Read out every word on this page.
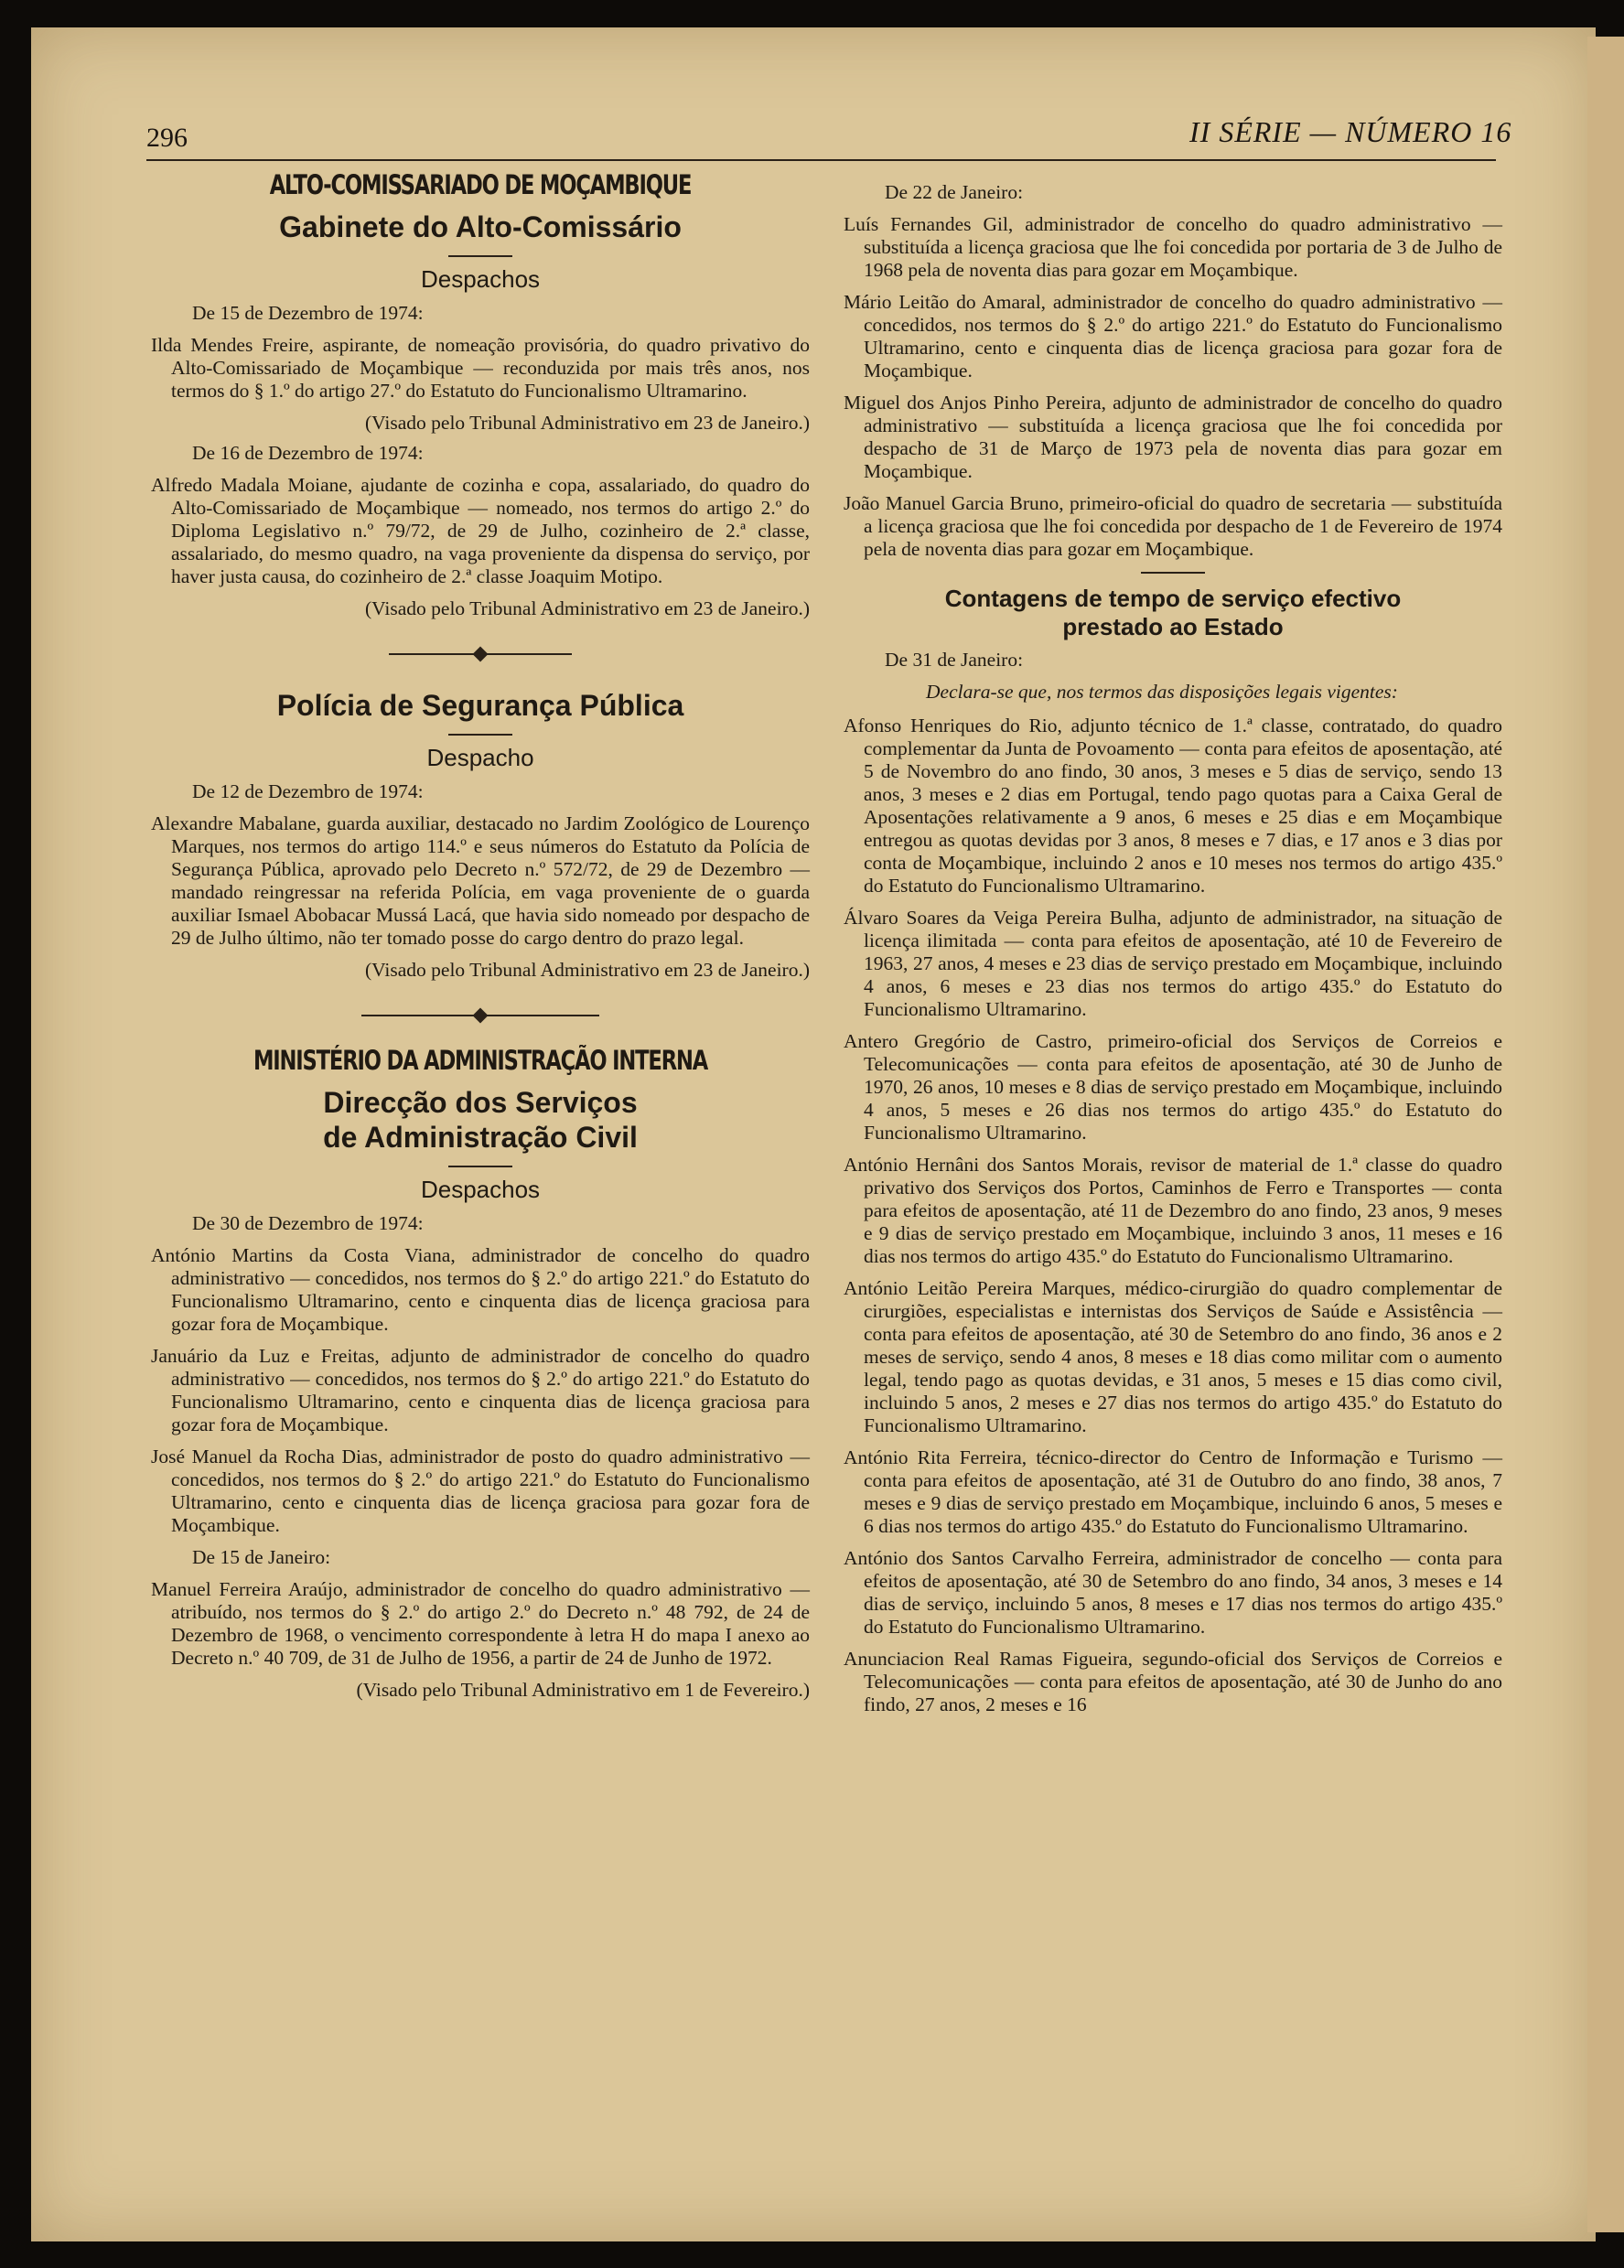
296	II SÉRIE — NÚMERO 16
ALTO-COMISSARIADO DE MOÇAMBIQUE
Gabinete do Alto-Comissário
Despachos
De 15 de Dezembro de 1974:
Ilda Mendes Freire, aspirante, de nomeação provisória, do quadro privativo do Alto-Comissariado de Moçambique — reconduzida por mais três anos, nos termos do § 1.º do artigo 27.º do Estatuto do Funcionalismo Ultramarino.
(Visado pelo Tribunal Administrativo em 23 de Janeiro.)
De 16 de Dezembro de 1974:
Alfredo Madala Moiane, ajudante de cozinha e copa, assalariado, do quadro do Alto-Comissariado de Moçambique — nomeado, nos termos do artigo 2.º do Diploma Legislativo n.º 79/72, de 29 de Julho, cozinheiro de 2.ª classe, assalariado, do mesmo quadro, na vaga proveniente da dispensa do serviço, por haver justa causa, do cozinheiro de 2.ª classe Joaquim Motipo.
(Visado pelo Tribunal Administrativo em 23 de Janeiro.)
Polícia de Segurança Pública
Despacho
De 12 de Dezembro de 1974:
Alexandre Mabalane, guarda auxiliar, destacado no Jardim Zoológico de Lourenço Marques, nos termos do artigo 114.º e seus números do Estatuto da Polícia de Segurança Pública, aprovado pelo Decreto n.º 572/72, de 29 de Dezembro — mandado reingressar na referida Polícia, em vaga proveniente de o guarda auxiliar Ismael Abobacar Mussá Lacá, que havia sido nomeado por despacho de 29 de Julho último, não ter tomado posse do cargo dentro do prazo legal.
(Visado pelo Tribunal Administrativo em 23 de Janeiro.)
MINISTÉRIO DA ADMINISTRAÇÃO INTERNA
Direcção dos Serviços
de Administração Civil
Despachos
De 30 de Dezembro de 1974:
António Martins da Costa Viana, administrador de concelho do quadro administrativo — concedidos, nos termos do § 2.º do artigo 221.º do Estatuto do Funcionalismo Ultramarino, cento e cinquenta dias de licença graciosa para gozar fora de Moçambique.
Januário da Luz e Freitas, adjunto de administrador de concelho do quadro administrativo — concedidos, nos termos do § 2.º do artigo 221.º do Estatuto do Funcionalismo Ultramarino, cento e cinquenta dias de licença graciosa para gozar fora de Moçambique.
José Manuel da Rocha Dias, administrador de posto do quadro administrativo — concedidos, nos termos do § 2.º do artigo 221.º do Estatuto do Funcionalismo Ultramarino, cento e cinquenta dias de licença graciosa para gozar fora de Moçambique.
De 15 de Janeiro:
Manuel Ferreira Araújo, administrador de concelho do quadro administrativo — atribuído, nos termos do § 2.º do artigo 2.º do Decreto n.º 48 792, de 24 de Dezembro de 1968, o vencimento correspondente à letra H do mapa I anexo ao Decreto n.º 40 709, de 31 de Julho de 1956, a partir de 24 de Junho de 1972.
(Visado pelo Tribunal Administrativo em 1 de Fevereiro.)
De 22 de Janeiro:
Luís Fernandes Gil, administrador de concelho do quadro administrativo — substituída a licença graciosa que lhe foi concedida por portaria de 3 de Julho de 1968 pela de noventa dias para gozar em Moçambique.
Mário Leitão do Amaral, administrador de concelho do quadro administrativo — concedidos, nos termos do § 2.º do artigo 221.º do Estatuto do Funcionalismo Ultramarino, cento e cinquenta dias de licença graciosa para gozar fora de Moçambique.
Miguel dos Anjos Pinho Pereira, adjunto de administrador de concelho do quadro administrativo — substituída a licença graciosa que lhe foi concedida por despacho de 31 de Março de 1973 pela de noventa dias para gozar em Moçambique.
João Manuel Garcia Bruno, primeiro-oficial do quadro de secretaria — substituída a licença graciosa que lhe foi concedida por despacho de 1 de Fevereiro de 1974 pela de noventa dias para gozar em Moçambique.
Contagens de tempo de serviço efectivo
prestado ao Estado
De 31 de Janeiro:
Declara-se que, nos termos das disposições legais vigentes:
Afonso Henriques do Rio, adjunto técnico de 1.ª classe, contratado, do quadro complementar da Junta de Povoamento — conta para efeitos de aposentação, até 5 de Novembro do ano findo, 30 anos, 3 meses e 5 dias de serviço, sendo 13 anos, 3 meses e 2 dias em Portugal, tendo pago quotas para a Caixa Geral de Aposentações relativamente a 9 anos, 6 meses e 25 dias e em Moçambique entregou as quotas devidas por 3 anos, 8 meses e 7 dias, e 17 anos e 3 dias por conta de Moçambique, incluindo 2 anos e 10 meses nos termos do artigo 435.º do Estatuto do Funcionalismo Ultramarino.
Álvaro Soares da Veiga Pereira Bulha, adjunto de administrador, na situação de licença ilimitada — conta para efeitos de aposentação, até 10 de Fevereiro de 1963, 27 anos, 4 meses e 23 dias de serviço prestado em Moçambique, incluindo 4 anos, 6 meses e 23 dias nos termos do artigo 435.º do Estatuto do Funcionalismo Ultramarino.
Antero Gregório de Castro, primeiro-oficial dos Serviços de Correios e Telecomunicações — conta para efeitos de aposentação, até 30 de Junho de 1970, 26 anos, 10 meses e 8 dias de serviço prestado em Moçambique, incluindo 4 anos, 5 meses e 26 dias nos termos do artigo 435.º do Estatuto do Funcionalismo Ultramarino.
António Hernâni dos Santos Morais, revisor de material de 1.ª classe do quadro privativo dos Serviços dos Portos, Caminhos de Ferro e Transportes — conta para efeitos de aposentação, até 11 de Dezembro do ano findo, 23 anos, 9 meses e 9 dias de serviço prestado em Moçambique, incluindo 3 anos, 11 meses e 16 dias nos termos do artigo 435.º do Estatuto do Funcionalismo Ultramarino.
António Leitão Pereira Marques, médico-cirurgião do quadro complementar de cirurgiões, especialistas e internistas dos Serviços de Saúde e Assistência — conta para efeitos de aposentação, até 30 de Setembro do ano findo, 36 anos e 2 meses de serviço, sendo 4 anos, 8 meses e 18 dias como militar com o aumento legal, tendo pago as quotas devidas, e 31 anos, 5 meses e 15 dias como civil, incluindo 5 anos, 2 meses e 27 dias nos termos do artigo 435.º do Estatuto do Funcionalismo Ultramarino.
António Rita Ferreira, técnico-director do Centro de Informação e Turismo — conta para efeitos de aposentação, até 31 de Outubro do ano findo, 38 anos, 7 meses e 9 dias de serviço prestado em Moçambique, incluindo 6 anos, 5 meses e 6 dias nos termos do artigo 435.º do Estatuto do Funcionalismo Ultramarino.
António dos Santos Carvalho Ferreira, administrador de concelho — conta para efeitos de aposentação, até 30 de Setembro do ano findo, 34 anos, 3 meses e 14 dias de serviço, incluindo 5 anos, 8 meses e 17 dias nos termos do artigo 435.º do Estatuto do Funcionalismo Ultramarino.
Anunciacion Real Ramas Figueira, segundo-oficial dos Serviços de Correios e Telecomunicações — conta para efeitos de aposentação, até 30 de Junho do ano findo, 27 anos, 2 meses e 16
